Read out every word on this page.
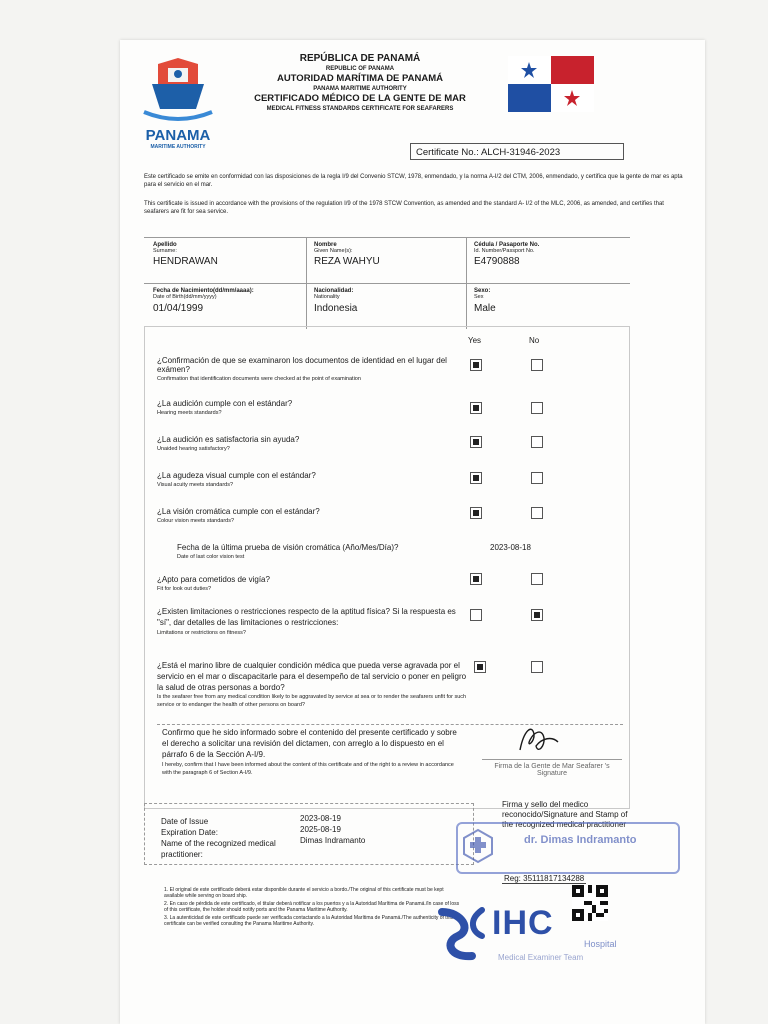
PANAMA
MARITIME AUTHORITY
REPÚBLICA DE PANAMÁ
REPUBLIC OF PANAMA
AUTORIDAD MARÍTIMA DE PANAMÁ
PANAMA MARITIME AUTHORITY
CERTIFICADO MÉDICO DE LA GENTE DE MAR
MEDICAL FITNESS STANDARDS CERTIFICATE FOR SEAFARERS
Certificate No.: ALCH-31946-2023
Este certificado se emite en conformidad con las disposiciones de la regla I/9 del Convenio STCW, 1978, enmendado, y la norma A-I/2 del CTM, 2006, enmendado, y certifica que la gente de mar es apta para el servicio en el mar.
This certificate is issued in accordance with the provisions of the regulation I/9 of the 1978 STCW Convention, as amended and the standard A- I/2 of the MLC, 2006, as amended, and certifies that seafarers are fit for sea service.
Apellido
Surname:
HENDRAWAN
Nombre
Given Name(s):
REZA WAHYU
Cédula / Pasaporte No.
Id. Number/Passport No.
E4790888
Fecha de Nacimiento(dd/mm/aaaa):
Date of Birth(dd/mm/yyyy)
01/04/1999
Nacionalidad:
Nationality
Indonesia
Sexo:
Sex
Male
Yes	No
¿Confirmación de que se examinaron los documentos de identidad en el lugar del exámen?
Confirmation that identification documents were checked at the point of examination
¿La audición cumple con el estándar?
Hearing meets standards?
¿La audición es satisfactoria sin ayuda?
Unaided hearing satisfactory?
¿La agudeza visual cumple con el estándar?
Visual acuity meets standards?
¿La visión cromática cumple con el estándar?
Colour vision meets standards?
Fecha de la última prueba de visión cromática (Año/Mes/Día)?
Date of last color vision test
2023-08-18
¿Apto para cometidos de vigía?
Fit for look out duties?
¿Existen limitaciones o restricciones respecto de la aptitud física? Si la respuesta es "sí", dar detalles de las limitaciones o restricciones:
Limitations or restrictions on fitness?
¿Está el marino libre de cualquier condición médica que pueda verse agravada por el servicio en el mar o discapacitarle para el desempeño de tal servicio o poner en peligro la salud de otras personas a bordo?
Is the seafarer free from any medical condition likely to be aggravated by service at sea or to render the seafarers unfit for such service or to endanger the health of other persons on board?
Confirmo que he sido informado sobre el contenido del presente certificado y sobre el derecho a solicitar una revisión del dictamen, con arreglo a lo dispuesto en el párrafo 6 de la Sección A-I/9.
I hereby, confirm that I have been informed about the content of this certificate and of the right to a review in accordance with the paragraph 6 of Section A-I/9.
Firma de la Gente de Mar Seafarer 's Signature
Date of Issue
Expiration Date:
Name of the recognized medical practitioner:
2023-08-19
2025-08-19
Dimas Indramanto
Firma y sello del medico reconocido/Signature and Stamp of the recognized medical practitioner
dr. Dimas Indramanto
Reg: 35111817134288
1. El original de este certificado deberá estar disponible durante el servicio a bordo./The original of this certificate must be kept available while serving on board ship.
2. En caso de pérdida de este certificado, el titular deberá notificar a los puertos y a la Autoridad Marítima de Panamá./In case of loss of this certificate, the holder should notify ports and the Panama Maritime Authority.
3. La autenticidad de este certificado puede ser verificada contactando a la Autoridad Marítima de Panamá./The authenticity of this certificate can be verified consulting the Panama Maritime Authority.	IHC
Hospital
Medical Examiner Team
